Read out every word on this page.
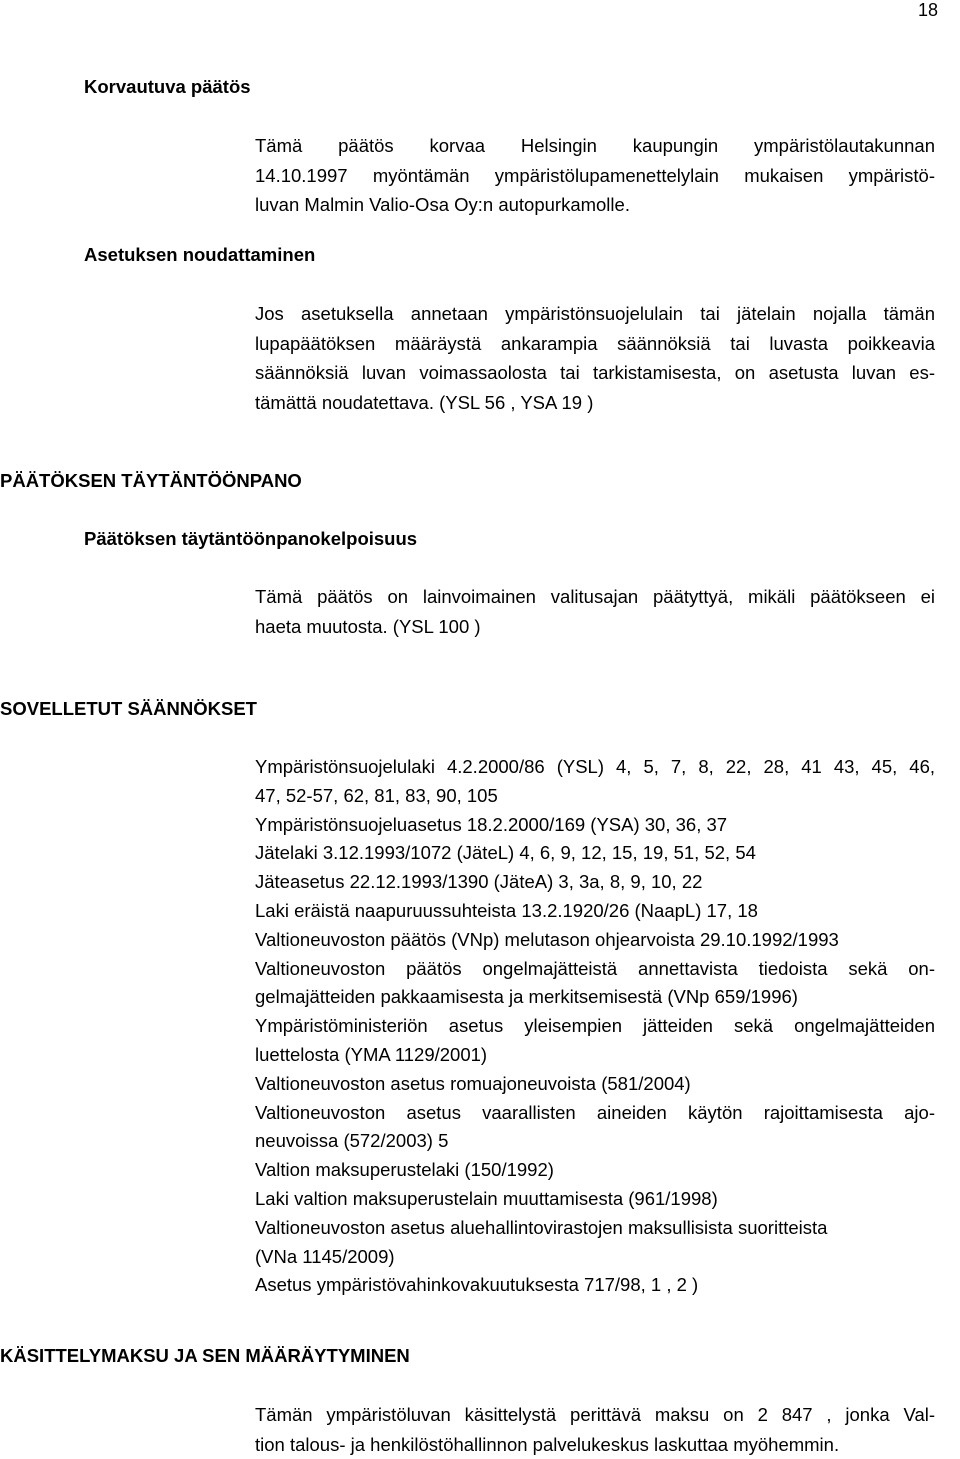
18
Korvautuva päätös
Tämä päätös korvaa Helsingin kaupungin ympäristölautakunnan
14.10.1997 myöntämän ympäristölupamenettelylain mukaisen ympäristö-
luvan Malmin Valio-Osa Oy:n autopurkamolle.
Asetuksen noudattaminen
Jos asetuksella annetaan ympäristönsuojelulain tai jätelain nojalla tämän
lupapäätöksen määräystä ankarampia säännöksiä tai luvasta poikkeavia
säännöksiä luvan voimassaolosta tai tarkistamisesta, on asetusta luvan es-
tämättä noudatettava. (YSL 56 , YSA 19 )
PÄÄTÖKSEN TÄYTÄNTÖÖNPANO
Päätöksen täytäntöönpanokelpoisuus
Tämä päätös on lainvoimainen valitusajan päätyttyä, mikäli päätökseen ei
haeta muutosta. (YSL 100 )
SOVELLETUT SÄÄNNÖKSET
Ympäristönsuojelulaki 4.2.2000/86 (YSL) 4, 5, 7, 8, 22, 28, 41 43, 45, 46,
47, 52-57, 62, 81, 83, 90, 105
Ympäristönsuojeluasetus 18.2.2000/169 (YSA) 30, 36, 37
Jätelaki 3.12.1993/1072 (JäteL) 4, 6, 9, 12, 15, 19, 51, 52, 54
Jäteasetus 22.12.1993/1390 (JäteA) 3, 3a, 8, 9, 10, 22
Laki eräistä naapuruussuhteista 13.2.1920/26 (NaapL) 17, 18
Valtioneuvoston päätös (VNp) melutason ohjearvoista 29.10.1992/1993
Valtioneuvoston päätös ongelmajätteistä annettavista tiedoista sekä on-
gelmajätteiden pakkaamisesta ja merkitsemisestä (VNp 659/1996)
Ympäristöministeriön asetus yleisempien jätteiden sekä ongelmajätteiden
luettelosta (YMA 1129/2001)
Valtioneuvoston asetus romuajoneuvoista (581/2004)
Valtioneuvoston asetus vaarallisten aineiden käytön rajoittamisesta ajo-
neuvoissa (572/2003) 5
Valtion maksuperustelaki (150/1992)
Laki valtion maksuperustelain muuttamisesta (961/1998)
Valtioneuvoston asetus aluehallintovirastojen maksullisista suoritteista
(VNa 1145/2009)
Asetus ympäristövahinkovakuutuksesta 717/98, 1 , 2 )
KÄSITTELYMAKSU JA SEN MÄÄRÄYTYMINEN
Tämän ympäristöluvan käsittelystä perittävä maksu on 2 847 , jonka Val-
tion talous- ja henkilöstöhallinnon palvelukeskus laskuttaa myöhemmin.
